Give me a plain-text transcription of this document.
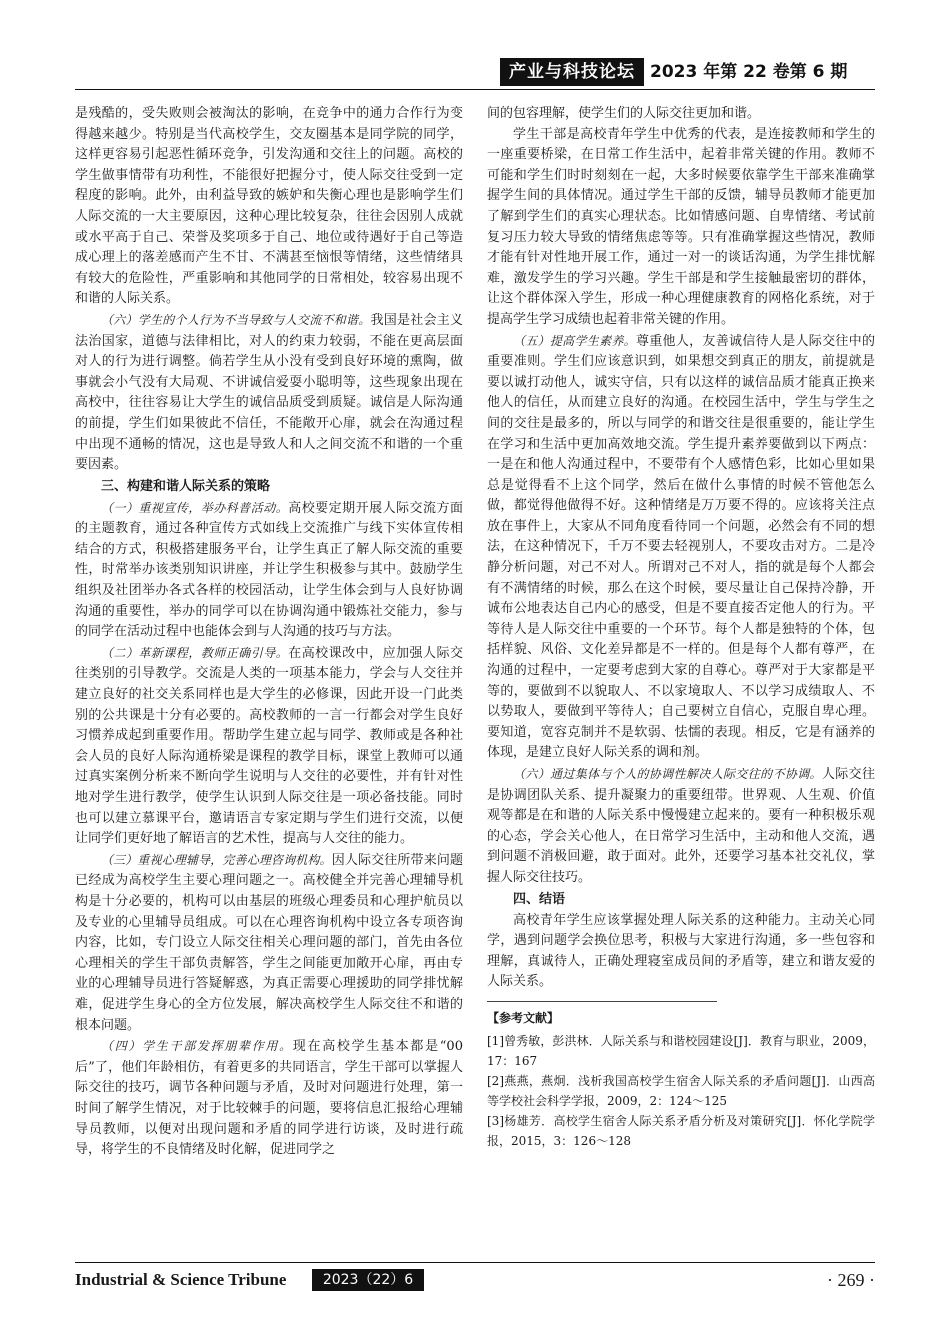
产业与科技论坛 2023 年第 22 卷第 6 期

是残酷的，受失败则会被淘汰的影响，在竞争中的通力合作行为变得越来越少。特别是当代高校学生，交友圈基本是同学院的同学，这样更容易引起恶性循环竞争，引发沟通和交往上的问题。高校的学生做事情带有功利性，不能很好把握分寸，使人际交往受到一定程度的影响。此外，由利益导致的嫉妒和失衡心理也是影响学生们人际交流的一大主要原因，这种心理比较复杂，往往会因别人成就或水平高于自己、荣誉及奖项多于自己、地位或待遇好于自己等造成心理上的落差感而产生不甘、不满甚至恼恨等情绪，这些情绪具有较大的危险性，严重影响和其他同学的日常相处，较容易出现不和谐的人际关系。

（六）学生的个人行为不当导致与人交流不和谐。我国是社会主义法治国家，道德与法律相比，对人的约束力较弱，不能在更高层面对人的行为进行调整。倘若学生从小没有受到良好环境的熏陶，做事就会小气没有大局观、不讲诚信爱耍小聪明等，这些现象出现在高校中，往往容易让大学生的诚信品质受到质疑。诚信是人际沟通的前提，学生们如果彼此不信任，不能敞开心扉，就会在沟通过程中出现不通畅的情况，这也是导致人和人之间交流不和谐的一个重要因素。

三、构建和谐人际关系的策略

（一）重视宣传，举办科普活动。高校要定期开展人际交流方面的主题教育，通过各种宣传方式如线上交流推广与线下实体宣传相结合的方式，积极搭建服务平台，让学生真正了解人际交流的重要性，时常举办该类别知识讲座，并让学生积极参与其中。鼓励学生组织及社团举办各式各样的校园活动，让学生体会到与人良好协调沟通的重要性，举办的同学可以在协调沟通中锻炼社交能力，参与的同学在活动过程中也能体会到与人沟通的技巧与方法。

（二）革新课程，教师正确引导。在高校课改中，应加强人际交往类别的引导教学。交流是人类的一项基本能力，学会与人交往并建立良好的社交关系同样也是大学生的必修课，因此开设一门此类别的公共课是十分有必要的。高校教师的一言一行都会对学生良好习惯养成起到重要作用。帮助学生建立起与同学、教师或是各种社会人员的良好人际沟通桥梁是课程的教学目标，课堂上教师可以通过真实案例分析来不断向学生说明与人交往的必要性，并有针对性地对学生进行教学，使学生认识到人际交往是一项必备技能。同时也可以建立慕课平台，邀请语言专家定期与学生们进行交流，以便让同学们更好地了解语言的艺术性，提高与人交往的能力。

（三）重视心理辅导，完善心理咨询机构。因人际交往所带来问题已经成为高校学生主要心理问题之一。高校健全并完善心理辅导机构是十分必要的，机构可以由基层的班级心理委员和心理护航员以及专业的心里辅导员组成。可以在心理咨询机构中设立各专项咨询内容，比如，专门设立人际交往相关心理问题的部门，首先由各位心理相关的学生干部负责解答，学生之间能更加敞开心扉，再由专业的心理辅导员进行答疑解惑，为真正需要心理援助的同学排忧解难，促进学生身心的全方位发展，解决高校学生人际交往不和谐的根本问题。

（四）学生干部发挥朋辈作用。现在高校学生基本都是“00后”了，他们年龄相仿，有着更多的共同语言，学生干部可以掌握人际交往的技巧，调节各种问题与矛盾，及时对问题进行处理，第一时间了解学生情况，对于比较棘手的问题，要将信息汇报给心理辅导员教师，以便对出现问题和矛盾的同学进行访谈，及时进行疏导，将学生的不良情绪及时化解，促进同学之

间的包容理解，使学生们的人际交往更加和谐。

学生干部是高校青年学生中优秀的代表，是连接教师和学生的一座重要桥梁，在日常工作生活中，起着非常关键的作用。教师不可能和学生们时时刻刻在一起，大多时候要依靠学生干部来准确掌握学生间的具体情况。通过学生干部的反馈，辅导员教师才能更加了解到学生们的真实心理状态。比如情感问题、自卑情绪、考试前复习压力较大导致的情绪焦虑等等。只有准确掌握这些情况，教师才能有针对性地开展工作，通过一对一的谈话沟通，为学生排忧解难，激发学生的学习兴趣。学生干部是和学生接触最密切的群体，让这个群体深入学生，形成一种心理健康教育的网格化系统，对于提高学生学习成绩也起着非常关键的作用。

（五）提高学生素养。尊重他人，友善诚信待人是人际交往中的重要准则。学生们应该意识到，如果想交到真正的朋友，前提就是要以诚打动他人，诚实守信，只有以这样的诚信品质才能真正换来他人的信任，从而建立良好的沟通。在校园生活中，学生与学生之间的交往是最多的，所以与同学的和谐交往是很重要的，能让学生在学习和生活中更加高效地交流。学生提升素养要做到以下两点：一是在和他人沟通过程中，不要带有个人感情色彩，比如心里如果总是觉得看不上这个同学，然后在做什么事情的时候不管他怎么做，都觉得他做得不好。这种情绪是万万要不得的。应该将关注点放在事件上，大家从不同角度看待同一个问题，必然会有不同的想法，在这种情况下，千万不要去轻视别人，不要攻击对方。二是冷静分析问题，对己不对人。所谓对己不对人，指的就是每个人都会有不满情绪的时候，那么在这个时候，要尽量让自己保持冷静，开诚布公地表达自己内心的感受，但是不要直接否定他人的行为。平等待人是人际交往中重要的一个环节。每个人都是独特的个体，包括样貌、风俗、文化差异都是不一样的。但是每个人都有尊严，在沟通的过程中，一定要考虑到大家的自尊心。尊严对于大家都是平等的，要做到不以貌取人、不以家境取人、不以学习成绩取人、不以势取人，要做到平等待人；自己要树立自信心，克服自卑心理。要知道，宽容克制并不是软弱、怯懦的表现。相反，它是有涵养的体现，是建立良好人际关系的调和剂。

（六）通过集体与个人的协调性解决人际交往的不协调。人际交往是协调团队关系、提升凝聚力的重要纽带。世界观、人生观、价值观等都是在和谐的人际关系中慢慢建立起来的。要有一种积极乐观的心态，学会关心他人，在日常学习生活中，主动和他人交流，遇到问题不消极回避，敢于面对。此外，还要学习基本社交礼仪，掌握人际交往技巧。

四、结语

高校青年学生应该掌握处理人际关系的这种能力。主动关心同学，遇到问题学会换位思考，积极与大家进行沟通，多一些包容和理解，真诚待人，正确处理寝室成员间的矛盾等，建立和谐友爱的人际关系。

【参考文献】

[1]曾秀敏，彭洪林．人际关系与和谐校园建设[J]．教育与职业，2009，17：167

[2]燕燕，燕炯．浅析我国高校学生宿舍人际关系的矛盾问题[J]．山西高等学校社会科学学报，2009，2：124～125

[3]杨雄芳．高校学生宿舍人际关系矛盾分析及对策研究[J]．怀化学院学报，2015，3：126～128

Industrial & Science Tribune	2023（22）6	· 269 ·
